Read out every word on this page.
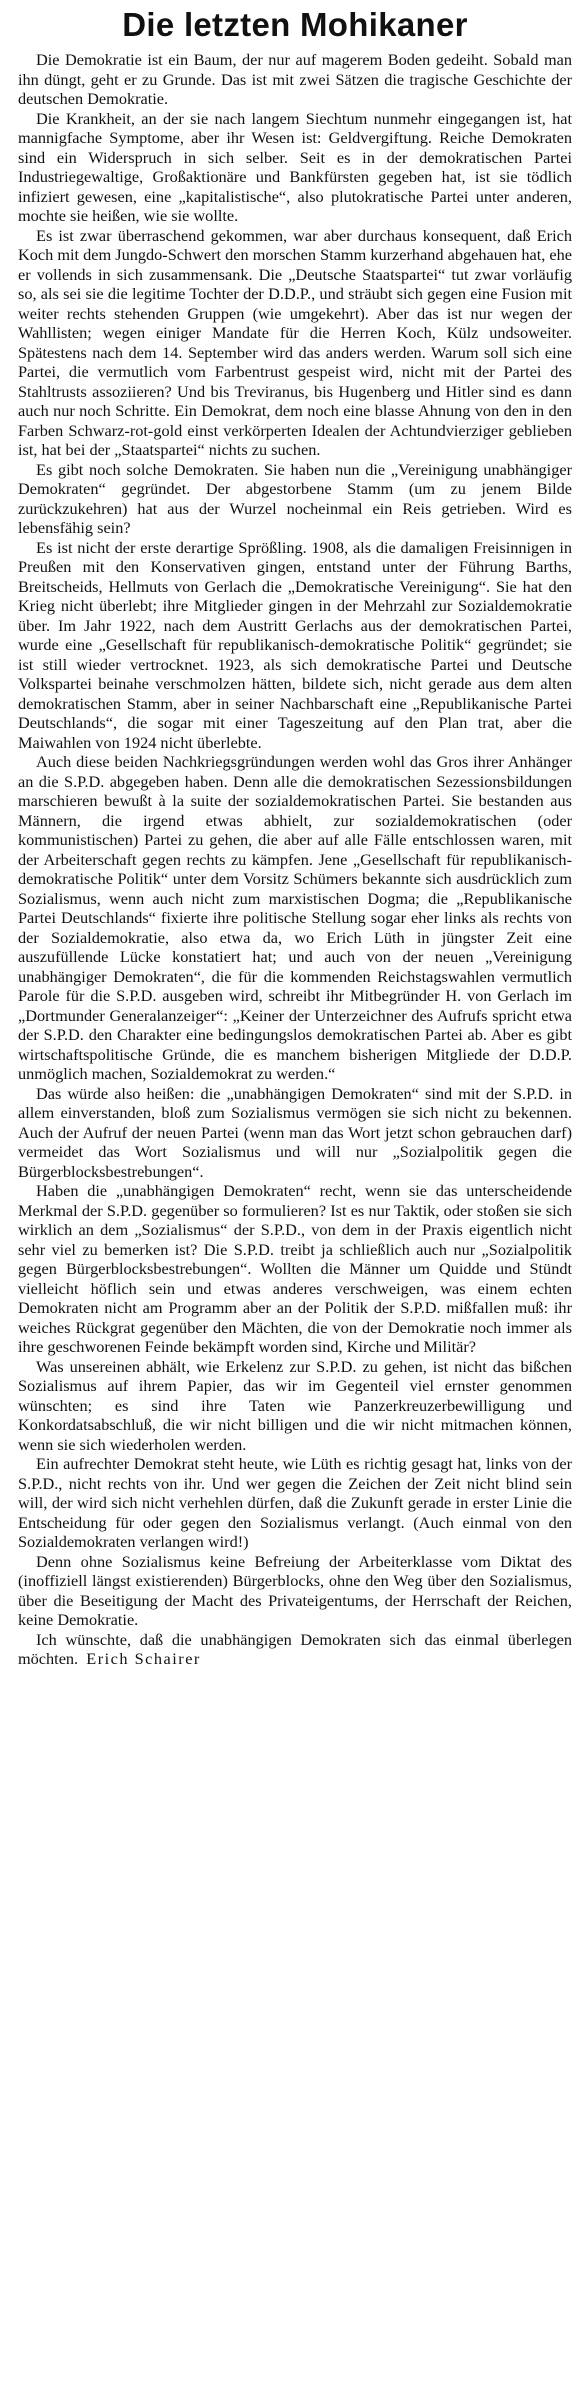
Die letzten Mohikaner

Die Demokratie ist ein Baum, der nur auf magerem Boden gedeiht. Sobald man ihn düngt, geht er zu Grunde. Das ist mit zwei Sätzen die tragische Geschichte der deutschen Demokratie.

Die Krankheit, an der sie nach langem Siechtum nunmehr eingegangen ist, hat mannigfache Symptome, aber ihr Wesen ist: Geldvergiftung. Reiche Demokraten sind ein Widerspruch in sich selber. Seit es in der demokratischen Partei Industriegewaltige, Großaktionäre und Bankfürsten gegeben hat, ist sie tödlich infiziert gewesen, eine „kapitalistische“, also plutokratische Partei unter anderen, mochte sie heißen, wie sie wollte.

Es ist zwar überraschend gekommen, war aber durchaus konsequent, daß Erich Koch mit dem Jungdo-Schwert den morschen Stamm kurzerhand abgehauen hat, ehe er vollends in sich zusammensank. Die „Deutsche Staatspartei“ tut zwar vorläufig so, als sei sie die legitime Tochter der D.D.P., und sträubt sich gegen eine Fusion mit weiter rechts stehenden Gruppen (wie umgekehrt). Aber das ist nur wegen der Wahllisten; wegen einiger Mandate für die Herren Koch, Külz undsoweiter. Spätestens nach dem 14. September wird das anders werden. Warum soll sich eine Partei, die vermutlich vom Farbentrust gespeist wird, nicht mit der Partei des Stahltrusts assoziieren? Und bis Treviranus, bis Hugenberg und Hitler sind es dann auch nur noch Schritte. Ein Demokrat, dem noch eine blasse Ahnung von den in den Farben Schwarz-rot-gold einst verkörperten Idealen der Achtundvierziger geblieben ist, hat bei der „Staatspartei“ nichts zu suchen.

Es gibt noch solche Demokraten. Sie haben nun die „Vereinigung unabhängiger Demokraten“ gegründet. Der abgestorbene Stamm (um zu jenem Bilde zurückzukehren) hat aus der Wurzel nocheinmal ein Reis getrieben. Wird es lebensfähig sein?

Es ist nicht der erste derartige Sprößling. 1908, als die damaligen Freisinnigen in Preußen mit den Konservativen gingen, entstand unter der Führung Barths, Breitscheids, Hellmuts von Gerlach die „Demokratische Vereinigung“. Sie hat den Krieg nicht überlebt; ihre Mitglieder gingen in der Mehrzahl zur Sozialdemokratie über. Im Jahr 1922, nach dem Austritt Gerlachs aus der demokratischen Partei, wurde eine „Gesellschaft für republikanisch-demokratische Politik“ gegründet; sie ist still wieder vertrocknet. 1923, als sich demokratische Partei und Deutsche Volkspartei beinahe verschmolzen hätten, bildete sich, nicht gerade aus dem alten demokratischen Stamm, aber in seiner Nachbarschaft eine „Republikanische Partei Deutschlands“, die sogar mit einer Tageszeitung auf den Plan trat, aber die Maiwahlen von 1924 nicht überlebte.

Auch diese beiden Nachkriegsgründungen werden wohl das Gros ihrer Anhänger an die S.P.D. abgegeben haben. Denn alle die demokratischen Sezessionsbildungen marschieren bewußt à la suite der sozialdemokratischen Partei. Sie bestanden aus Männern, die irgend etwas abhielt, zur sozialdemokratischen (oder kommunistischen) Partei zu gehen, die aber auf alle Fälle entschlossen waren, mit der Arbeiterschaft gegen rechts zu kämpfen. Jene „Gesellschaft für republikanisch-demokratische Politik“ unter dem Vorsitz Schümers bekannte sich ausdrücklich zum Sozialismus, wenn auch nicht zum marxistischen Dogma; die „Republikanische Partei Deutschlands“ fixierte ihre politische Stellung sogar eher links als rechts von der Sozialdemokratie, also etwa da, wo Erich Lüth in jüngster Zeit eine auszufüllende Lücke konstatiert hat; und auch von der neuen „Vereinigung unabhängiger Demokraten“, die für die kommenden Reichstagswahlen vermutlich Parole für die S.P.D. ausgeben wird, schreibt ihr Mitbegründer H. von Gerlach im „Dortmunder Generalanzeiger“: „Keiner der Unterzeichner des Aufrufs spricht etwa der S.P.D. den Charakter eine bedingungslos demokratischen Partei ab. Aber es gibt wirtschaftspolitische Gründe, die es manchem bisherigen Mitgliede der D.D.P. unmöglich machen, Sozialdemokrat zu werden.“

Das würde also heißen: die „unabhängigen Demokraten“ sind mit der S.P.D. in allem einverstanden, bloß zum Sozialismus vermögen sie sich nicht zu bekennen. Auch der Aufruf der neuen Partei (wenn man das Wort jetzt schon gebrauchen darf) vermeidet das Wort Sozialismus und will nur „Sozialpolitik gegen die Bürgerblocksbestrebungen“.

Haben die „unabhängigen Demokraten“ recht, wenn sie das unterscheidende Merkmal der S.P.D. gegenüber so formulieren? Ist es nur Taktik, oder stoßen sie sich wirklich an dem „Sozialismus“ der S.P.D., von dem in der Praxis eigentlich nicht sehr viel zu bemerken ist? Die S.P.D. treibt ja schließlich auch nur „Sozialpolitik gegen Bürgerblocksbestrebungen“. Wollten die Männer um Quidde und Stündt vielleicht höflich sein und etwas anderes verschweigen, was einem echten Demokraten nicht am Programm aber an der Politik der S.P.D. mißfallen muß: ihr weiches Rückgrat gegenüber den Mächten, die von der Demokratie noch immer als ihre geschworenen Feinde bekämpft worden sind, Kirche und Militär?

Was unsereinen abhält, wie Erkelenz zur S.P.D. zu gehen, ist nicht das bißchen Sozialismus auf ihrem Papier, das wir im Gegenteil viel ernster genommen wünschten; es sind ihre Taten wie Panzerkreuzerbewilligung und Konkordatsabschluß, die wir nicht billigen und die wir nicht mitmachen können, wenn sie sich wiederholen werden.

Ein aufrechter Demokrat steht heute, wie Lüth es richtig gesagt hat, links von der S.P.D., nicht rechts von ihr. Und wer gegen die Zeichen der Zeit nicht blind sein will, der wird sich nicht verhehlen dürfen, daß die Zukunft gerade in erster Linie die Entscheidung für oder gegen den Sozialismus verlangt. (Auch einmal von den Sozialdemokraten verlangen wird!)

Denn ohne Sozialismus keine Befreiung der Arbeiterklasse vom Diktat des (inoffiziell längst existierenden) Bürgerblocks, ohne den Weg über den Sozialismus, über die Beseitigung der Macht des Privateigentums, der Herrschaft der Reichen, keine Demokratie.

Ich wünschte, daß die unabhängigen Demokraten sich das einmal überlegen möchten.  Erich Schairer
